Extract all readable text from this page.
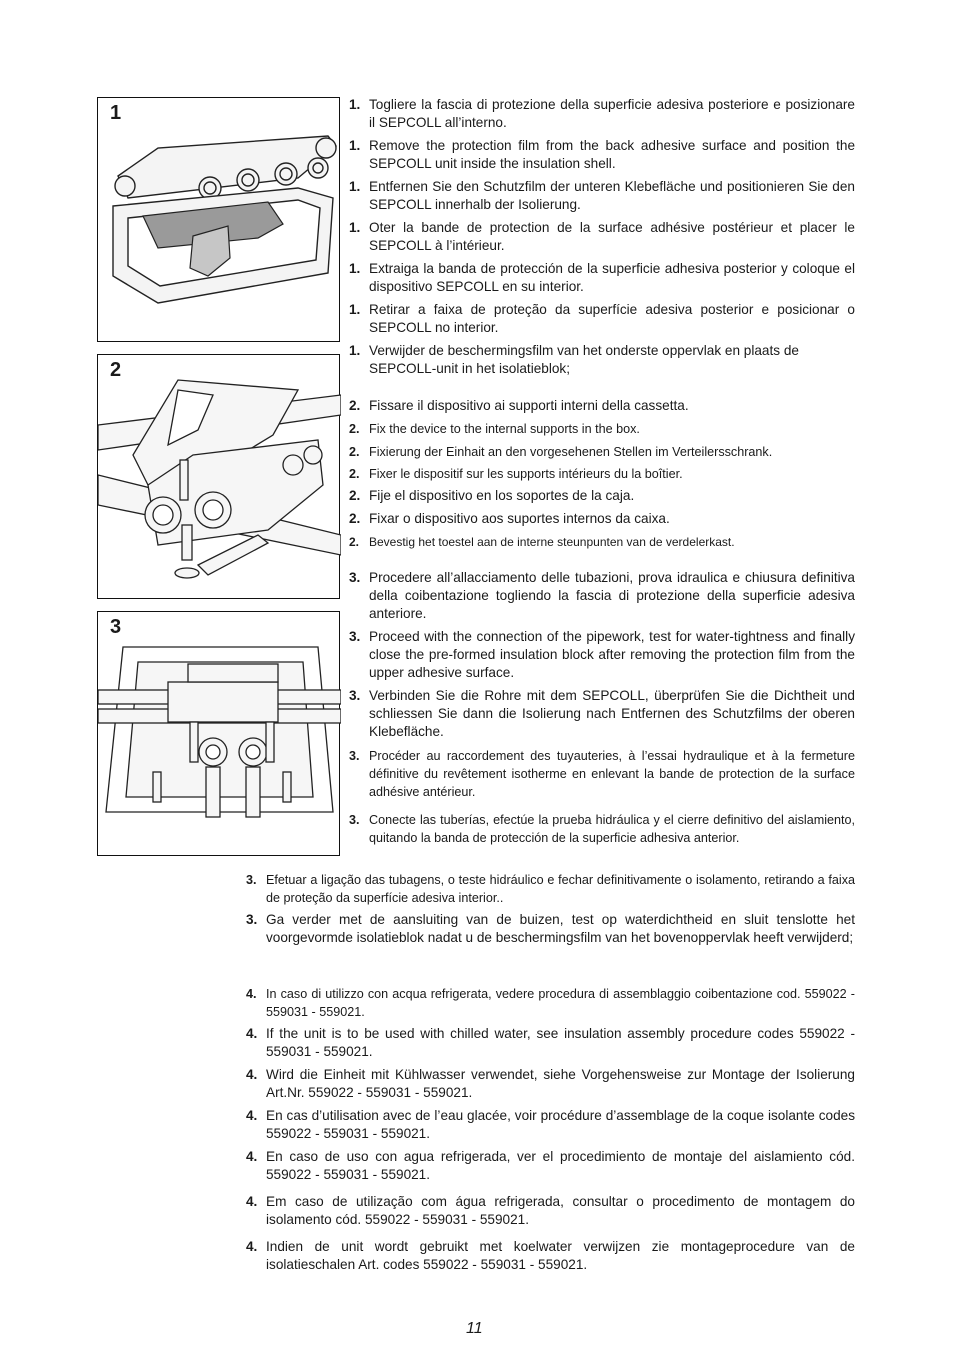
1
2
3
1. Togliere la fascia di protezione della superficie adesiva posteriore e posizionare il SEPCOLL all’interno.
1. Remove the protection film from the back adhesive surface and position the SEPCOLL unit inside the insulation shell.
1. Entfernen Sie den Schutzfilm der unteren Klebefläche und positionieren Sie den SEPCOLL innerhalb der Isolierung.
1. Oter la bande de protection de la surface adhésive postérieur et placer le SEPCOLL à l’intérieur.
1. Extraiga la banda de protección de la superficie adhesiva posterior y coloque el dispositivo SEPCOLL en su interior.
1. Retirar a faixa de proteção da superfície adesiva posterior e posicionar o SEPCOLL no interior.
1. Verwijder de beschermingsfilm van het onderste oppervlak en plaats de SEPCOLL-unit in het isolatieblok;
2. Fissare il dispositivo ai supporti interni della cassetta.
2. Fix the device to the internal supports in the box.
2. Fixierung der Einhait an den vorgesehenen Stellen im Verteilersschrank.
2. Fixer le dispositif sur les supports intérieurs du la boîtier.
2. Fije el dispositivo en los soportes de la caja.
2. Fixar o dispositivo aos suportes internos da caixa.
2. Bevestig het toestel aan de interne steunpunten van de verdelerkast.
3. Procedere all’allacciamento delle tubazioni, prova idraulica e chiusura definitiva della coibentazione togliendo la fascia di protezione della superficie adesiva anteriore.
3. Proceed with the connection of the pipework, test for water-tightness and finally close the pre-formed insulation block after removing the protection film from the upper adhesive surface.
3. Verbinden Sie die Rohre mit dem SEPCOLL, überprüfen Sie die Dichtheit und schliessen Sie dann die Isolierung nach Entfernen des Schutzfilms der oberen Klebefläche.
3. Procéder au raccordement des tuyauteries, à l’essai hydraulique et à la fermeture définitive du revêtement isotherme en enlevant la bande de protection de la surface adhésive antérieur.
3. Conecte las tuberías, efectúe la prueba hidráulica y el cierre definitivo del aislamiento, quitando la banda de protección de la superficie adhesiva anterior.
3. Efetuar a ligação das tubagens, o teste hidráulico e fechar definitivamente o isolamento, retirando a faixa de proteção da superfície adesiva interior..
3. Ga verder met de aansluiting van de buizen, test op waterdichtheid en sluit tenslotte het voorgevormde isolatieblok nadat u de beschermingsfilm van het bovenoppervlak heeft verwijderd;
4. In caso di utilizzo con acqua refrigerata, vedere procedura di assemblaggio coibentazione cod. 559022 - 559031 - 559021.
4. If the unit is to be used with chilled water, see insulation assembly procedure codes 559022 - 559031 - 559021.
4. Wird die Einheit mit Kühlwasser verwendet, siehe Vorgehensweise zur Montage der Isolierung Art.Nr. 559022 - 559031 - 559021.
4. En cas d’utilisation avec de l’eau glacée, voir procédure d’assemblage de la coque isolante codes 559022 - 559031 - 559021.
4. En caso de uso con agua refrigerada, ver el procedimiento de montaje del aislamiento cód. 559022 - 559031 - 559021.
4. Em caso de utilização com água refrigerada, consultar o procedimento de montagem do isolamento cód. 559022 - 559031 - 559021.
4. Indien de unit wordt gebruikt met koelwater verwijzen zie montageprocedure van de isolatieschalen Art. codes 559022 - 559031 - 559021.
11
